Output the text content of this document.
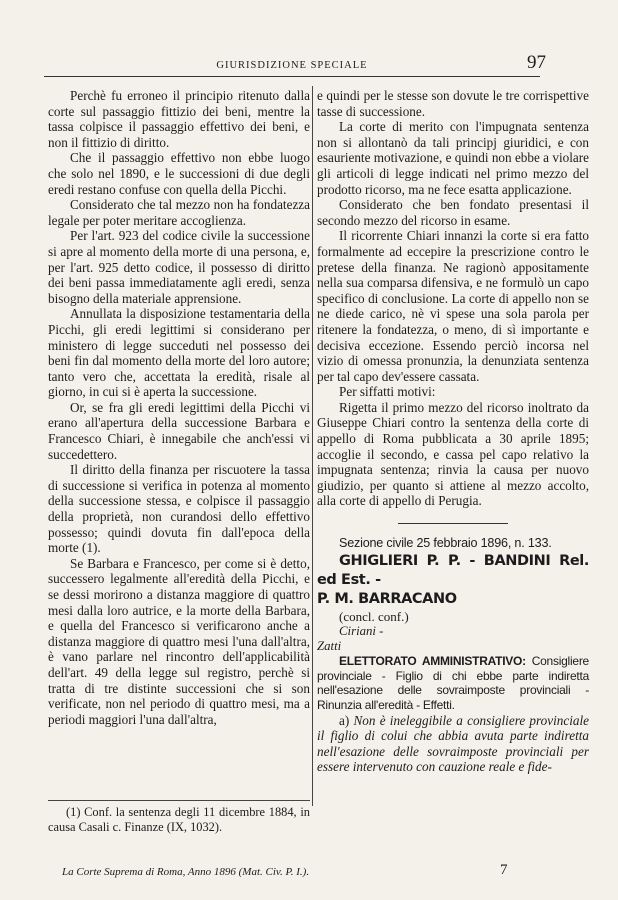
GIURISDIZIONE SPECIALE	97

Perchè fu erroneo il principio ritenuto dalla corte sul passaggio fittizio dei beni, mentre la tassa colpisce il passaggio effettivo dei beni, e non il fittizio di diritto.

Che il passaggio effettivo non ebbe luogo che solo nel 1890, e le successioni di due degli eredi restano confuse con quella della Picchi.

Considerato che tal mezzo non ha fondatezza legale per poter meritare accoglienza.

Per l'art. 923 del codice civile la successione si apre al momento della morte di una persona, e, per l'art. 925 detto codice, il possesso di diritto dei beni passa immediatamente agli eredi, senza bisogno della materiale apprensione.

Annullata la disposizione testamentaria della Picchi, gli eredi legittimi si considerano per ministero di legge succeduti nel possesso dei beni fin dal momento della morte del loro autore; tanto vero che, accettata la eredità, risale al giorno, in cui si è aperta la successione.

Or, se fra gli eredi legittimi della Picchi vi erano all'apertura della successione Barbara e Francesco Chiari, è innegabile che anch'essi vi succedettero.

Il diritto della finanza per riscuotere la tassa di successione si verifica in potenza al momento della successione stessa, e colpisce il passaggio della proprietà, non curandosi dello effettivo possesso; quindi dovuta fin dall'epoca della morte (1).

Se Barbara e Francesco, per come si è detto, successero legalmente all'eredità della Picchi, e se dessi morirono a distanza maggiore di quattro mesi dalla loro autrice, e la morte della Barbara, e quella del Francesco si verificarono anche a distanza maggiore di quattro mesi l'una dall'altra, è vano parlare nel rincontro dell'applicabilità dell'art. 49 della legge sul registro, perchè si tratta di tre distinte successioni che si son verificate, non nel periodo di quattro mesi, ma a periodi maggiori l'una dall'altra,

(1) Conf. la sentenza degli 11 dicembre 1884, in causa Casali c. Finanze (IX, 1032).

e quindi per le stesse son dovute le tre corrispettive tasse di successione.

La corte di merito con l'impugnata sentenza non si allontanò da tali principj giuridici, e con esauriente motivazione, e quindi non ebbe a violare gli articoli di legge indicati nel primo mezzo del prodotto ricorso, ma ne fece esatta applicazione.

Considerato che ben fondato presentasi il secondo mezzo del ricorso in esame.

Il ricorrente Chiari innanzi la corte si era fatto formalmente ad eccepire la prescrizione contro le pretese della finanza. Ne ragionò appositamente nella sua comparsa difensiva, e ne formulò un capo specifico di conclusione. La corte di appello non se ne diede carico, nè vi spese una sola parola per ritenere la fondatezza, o meno, di sì importante e decisiva eccezione. Essendo perciò incorsa nel vizio di omessa pronunzia, la denunziata sentenza per tal capo dev'essere cassata.

Per siffatti motivi:

Rigetta il primo mezzo del ricorso inoltrato da Giuseppe Chiari contro la sentenza della corte di appello di Roma pubblicata a 30 aprile 1895; accoglie il secondo, e cassa pel capo relativo la impugnata sentenza; rinvia la causa per nuovo giudizio, per quanto si attiene al mezzo accolto, alla corte di appello di Perugia.

Sezione civile 25 febbraio 1896, n. 133.

GHIGLIERI P. P. - BANDINI Rel. ed Est. -
P. M. BARRACANO

(concl. conf.)

Ciriani -
Zatti

ELETTORATO AMMINISTRATIVO: Consigliere provinciale - Figlio di chi ebbe parte indiretta nell'esazione delle sovraimposte provinciali - Rinunzia all'eredità - Effetti.

a) Non è ineleggibile a consigliere provinciale il figlio di colui che abbia avuta parte indiretta nell'esazione delle sovraimposte provinciali per essere intervenuto con cauzione reale e fide-

La Corte Suprema di Roma, Anno 1896 (Mat. Civ. P. I.).	7
